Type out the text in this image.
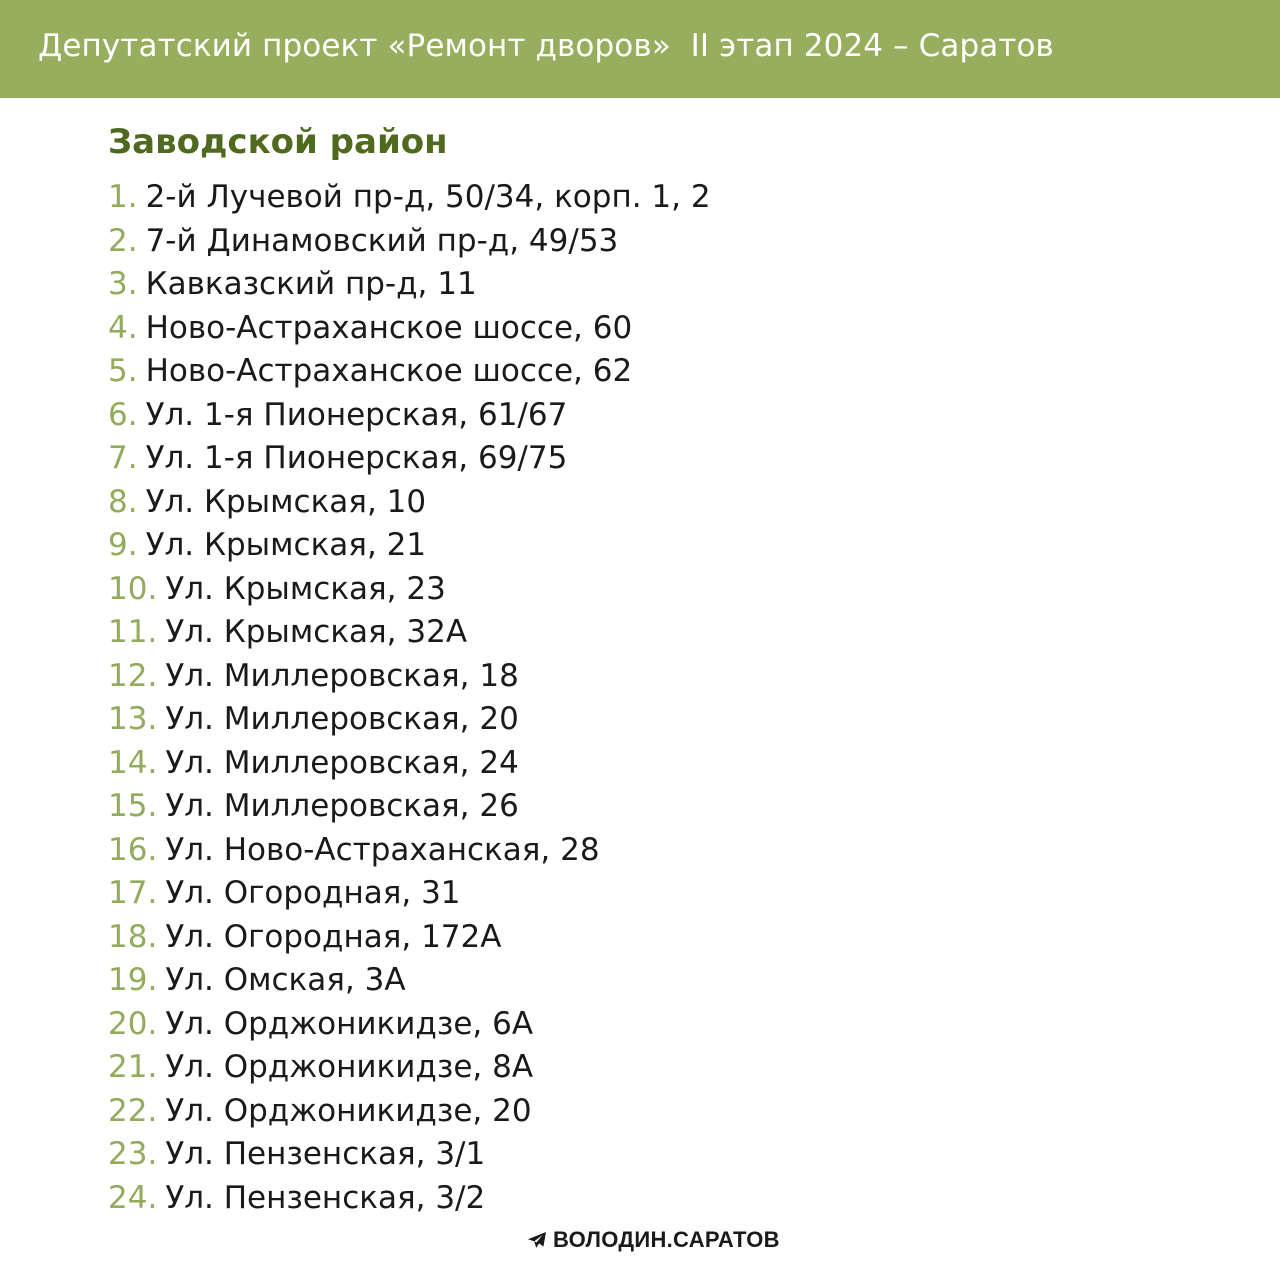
Депутатский проект «Ремонт дворов»  II этап 2024 – Саратов
Заводской район
1. 2-й Лучевой пр-д, 50/34, корп. 1, 2
2. 7-й Динамовский пр-д, 49/53
3. Кавказский пр-д, 11
4. Ново-Астраханское шоссе, 60
5. Ново-Астраханское шоссе, 62
6. Ул. 1-я Пионерская, 61/67
7. Ул. 1-я Пионерская, 69/75
8. Ул. Крымская, 10
9. Ул. Крымская, 21
10. Ул. Крымская, 23
11. Ул. Крымская, 32А
12. Ул. Миллеровская, 18
13. Ул. Миллеровская, 20
14. Ул. Миллеровская, 24
15. Ул. Миллеровская, 26
16. Ул. Ново-Астраханская, 28
17. Ул. Огородная, 31
18. Ул. Огородная, 172А
19. Ул. Омская, 3А
20. Ул. Орджоникидзе, 6А
21. Ул. Орджоникидзе, 8А
22. Ул. Орджоникидзе, 20
23. Ул. Пензенская, 3/1
24. Ул. Пензенская, 3/2
ВОЛОДИН.САРАТОВ
